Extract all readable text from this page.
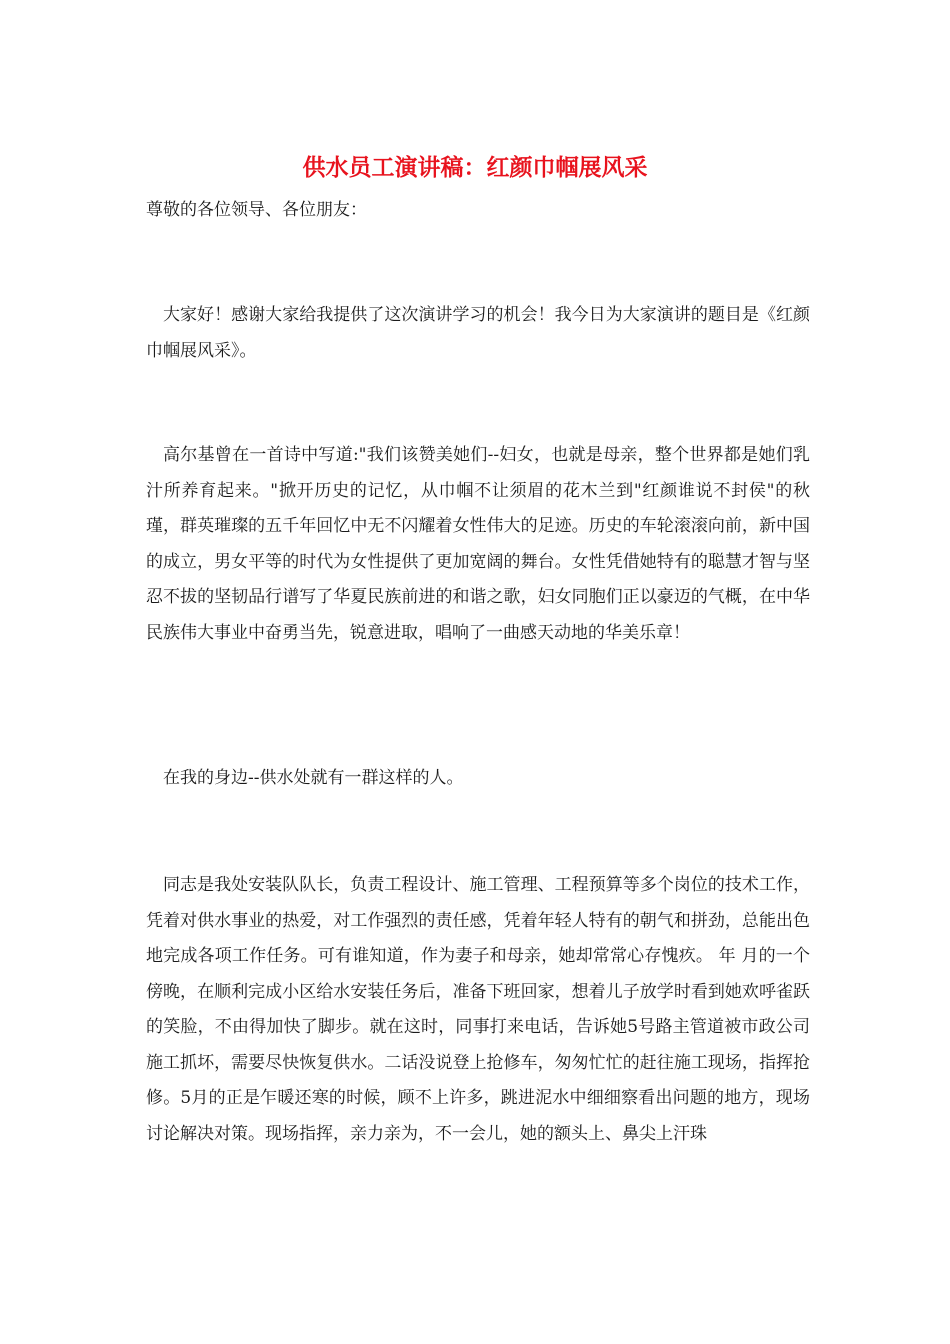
供水员工演讲稿：红颜巾帼展风采

尊敬的各位领导、各位朋友：

大家好！感谢大家给我提供了这次演讲学习的机会！我今日为大家演讲的题目是《红颜巾帼展风采》。

高尔基曾在一首诗中写道:"我们该赞美她们--妇女，也就是母亲，整个世界都是她们乳汁所养育起来。"掀开历史的记忆，从巾帼不让须眉的花木兰到"红颜谁说不封侯"的秋瑾，群英璀璨的五千年回忆中无不闪耀着女性伟大的足迹。历史的车轮滚滚向前，新中国的成立，男女平等的时代为女性提供了更加宽阔的舞台。女性凭借她特有的聪慧才智与坚忍不拔的坚韧品行谱写了华夏民族前进的和谐之歌，妇女同胞们正以豪迈的气概，在中华民族伟大事业中奋勇当先，锐意进取，唱响了一曲感天动地的华美乐章！

在我的身边--供水处就有一群这样的人。

同志是我处安装队队长，负责工程设计、施工管理、工程预算等多个岗位的技术工作，凭着对供水事业的热爱，对工作强烈的责任感，凭着年轻人特有的朝气和拼劲，总能出色地完成各项工作任务。可有谁知道，作为妻子和母亲，她却常常心存愧疚。 年 月的一个傍晚，在顺利完成小区给水安装任务后，准备下班回家，想着儿子放学时看到她欢呼雀跃的笑脸，不由得加快了脚步。就在这时，同事打来电话，告诉她5号路主管道被市政公司施工抓坏，需要尽快恢复供水。二话没说登上抢修车，匆匆忙忙的赶往施工现场，指挥抢修。5月的正是乍暖还寒的时候，顾不上许多，跳进泥水中细细察看出问题的地方，现场讨论解决对策。现场指挥，亲力亲为，不一会儿，她的额头上、鼻尖上汗珠
